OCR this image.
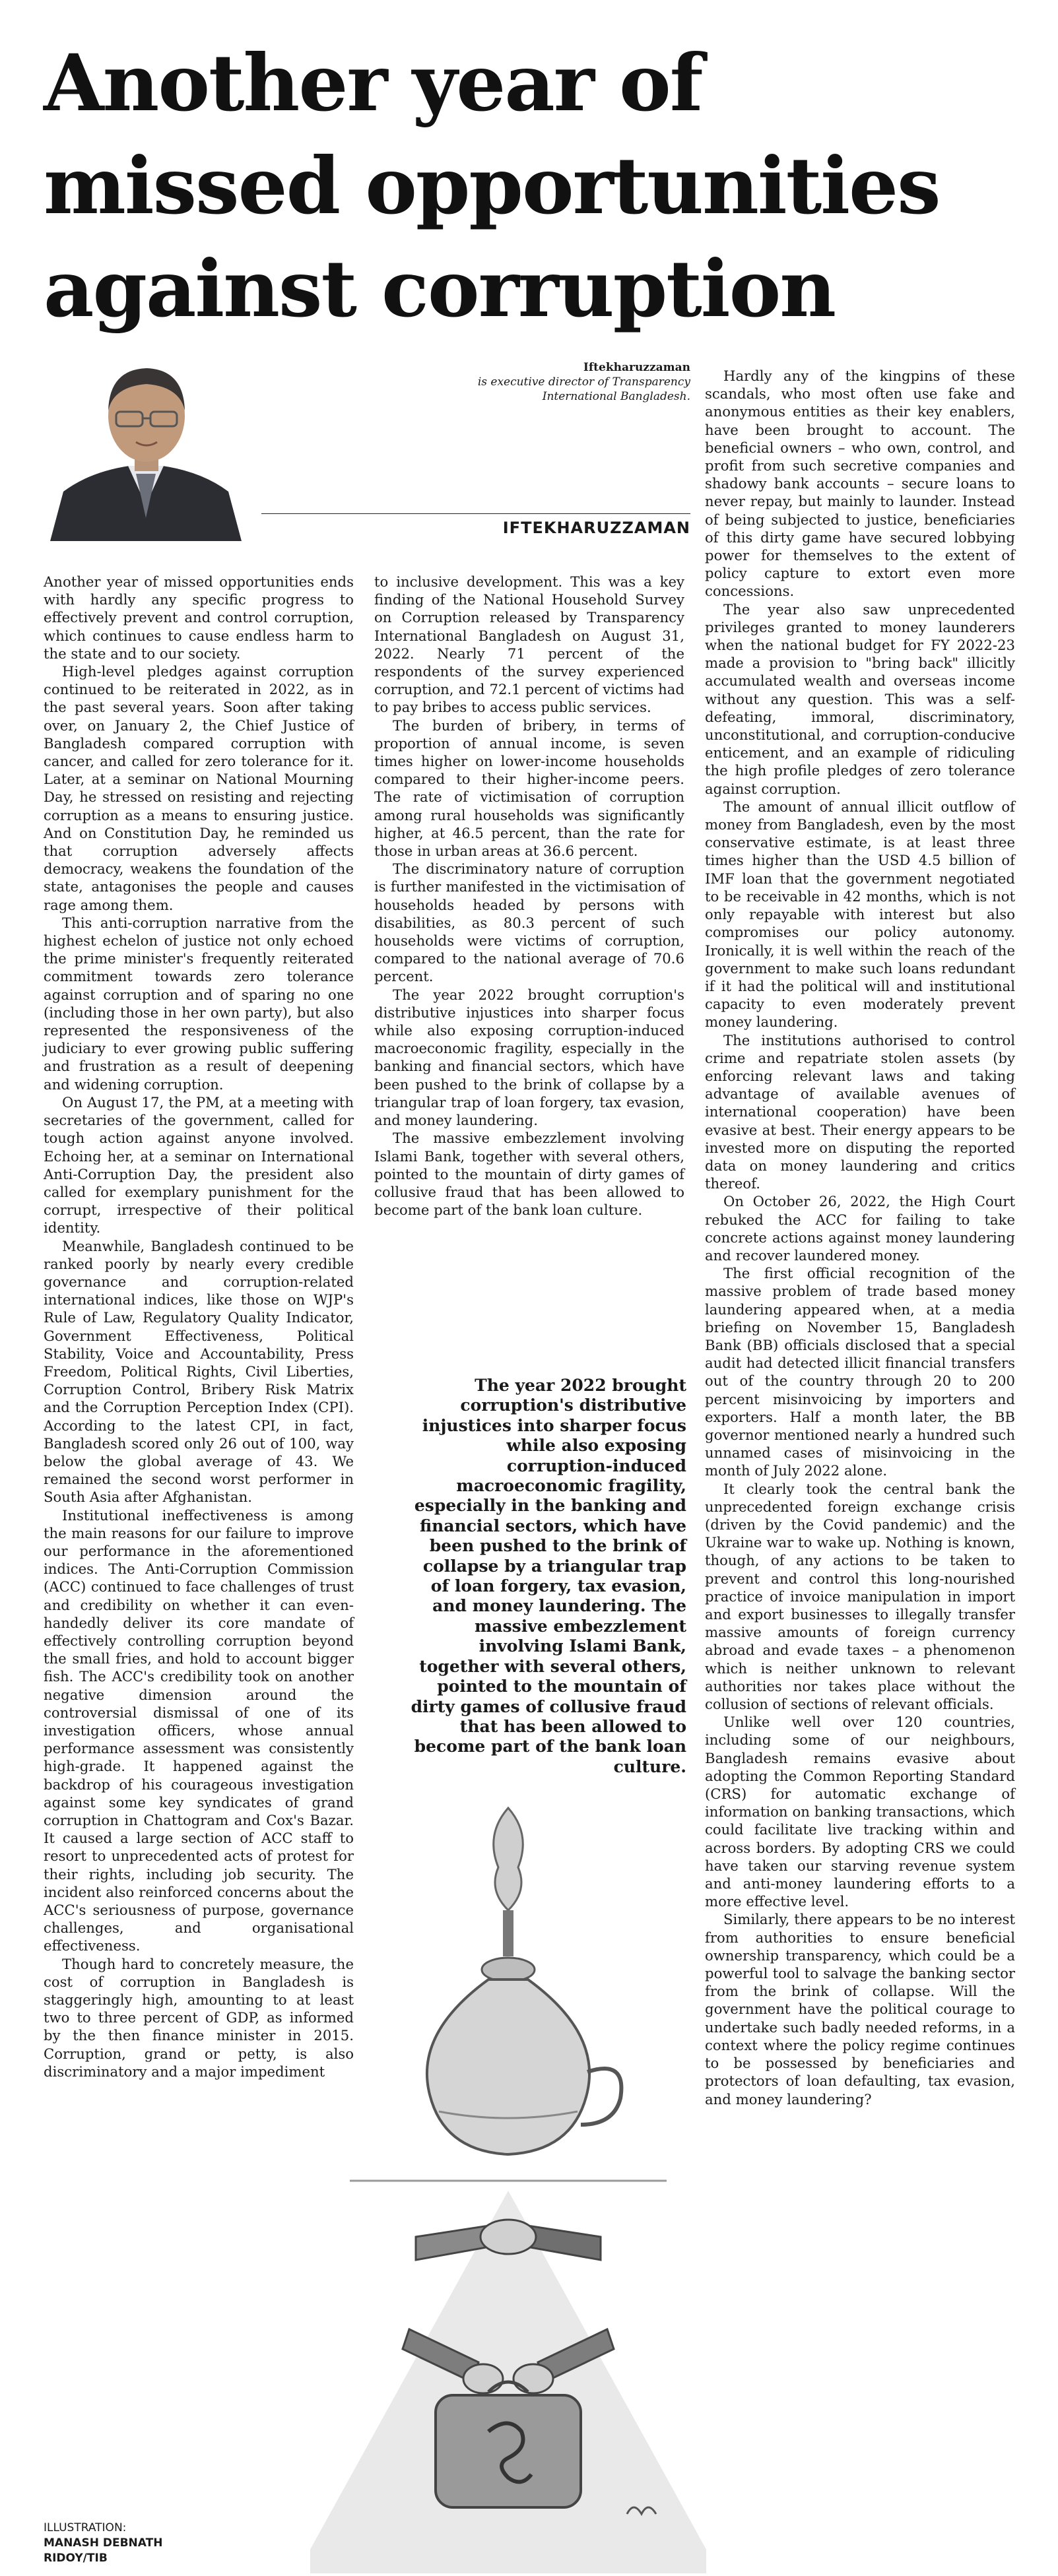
Another year of
missed opportunities
against corruption
Iftekharuzzaman
is executive director of Transparency International Bangladesh.
IFTEKHARUZZAMAN

Another year of missed opportunities ends with hardly any specific progress to effectively prevent and control corruption, which continues to cause endless harm to the state and to our society.

High-level pledges against corruption continued to be reiterated in 2022, as in the past several years. Soon after taking over, on January 2, the Chief Justice of Bangladesh compared corruption with cancer, and called for zero tolerance for it. Later, at a seminar on National Mourning Day, he stressed on resisting and rejecting corruption as a means to ensuring justice. And on Constitution Day, he reminded us that corruption adversely affects democracy, weakens the foundation of the state, antagonises the people and causes rage among them.

This anti-corruption narrative from the highest echelon of justice not only echoed the prime minister's frequently reiterated commitment towards zero tolerance against corruption and of sparing no one (including those in her own party), but also represented the responsiveness of the judiciary to ever growing public suffering and frustration as a result of deepening and widening corruption.

On August 17, the PM, at a meeting with secretaries of the government, called for tough action against anyone involved. Echoing her, at a seminar on International Anti-Corruption Day, the president also called for exemplary punishment for the corrupt, irrespective of their political identity.

Meanwhile, Bangladesh continued to be ranked poorly by nearly every credible governance and corruption-related international indices, like those on WJP's Rule of Law, Regulatory Quality Indicator, Government Effectiveness, Political Stability, Voice and Accountability, Press Freedom, Political Rights, Civil Liberties, Corruption Control, Bribery Risk Matrix and the Corruption Perception Index (CPI). According to the latest CPI, in fact, Bangladesh scored only 26 out of 100, way below the global average of 43. We remained the second worst performer in South Asia after Afghanistan.

Institutional ineffectiveness is among the main reasons for our failure to improve our performance in the aforementioned indices. The Anti-Corruption Commission (ACC) continued to face challenges of trust and credibility on whether it can even-handedly deliver its core mandate of effectively controlling corruption beyond the small fries, and hold to account bigger fish. The ACC's credibility took on another negative dimension around the controversial dismissal of one of its investigation officers, whose annual performance assessment was consistently high-grade. It happened against the backdrop of his courageous investigation against some key syndicates of grand corruption in Chattogram and Cox's Bazar. It caused a large section of ACC staff to resort to unprecedented acts of protest for their rights, including job security. The incident also reinforced concerns about the ACC's seriousness of purpose, governance challenges, and organisational effectiveness.

Though hard to concretely measure, the cost of corruption in Bangladesh is staggeringly high, amounting to at least two to three percent of GDP, as informed by the then finance minister in 2015. Corruption, grand or petty, is also discriminatory and a major impediment

to inclusive development. This was a key finding of the National Household Survey on Corruption released by Transparency International Bangladesh on August 31, 2022. Nearly 71 percent of the respondents of the survey experienced corruption, and 72.1 percent of victims had to pay bribes to access public services.

The burden of bribery, in terms of proportion of annual income, is seven times higher on lower-income households compared to their higher-income peers. The rate of victimisation of corruption among rural households was significantly higher, at 46.5 percent, than the rate for those in urban areas at 36.6 percent.

The discriminatory nature of corruption is further manifested in the victimisation of households headed by persons with disabilities, as 80.3 percent of such households were victims of corruption, compared to the national average of 70.6 percent.

The year 2022 brought corruption's distributive injustices into sharper focus while also exposing corruption-induced macroeconomic fragility, especially in the banking and financial sectors, which have been pushed to the brink of collapse by a triangular trap of loan forgery, tax evasion, and money laundering.

The massive embezzlement involving Islami Bank, together with several others, pointed to the mountain of dirty games of collusive fraud that has been allowed to become part of the bank loan culture.

The year 2022 brought corruption's distributive injustices into sharper focus while also exposing corruption-induced macroeconomic fragility, especially in the banking and financial sectors, which have been pushed to the brink of collapse by a triangular trap of loan forgery, tax evasion, and money laundering. The massive embezzlement involving Islami Bank, together with several others, pointed to the mountain of dirty games of collusive fraud that has been allowed to become part of the bank loan culture.

Hardly any of the kingpins of these scandals, who most often use fake and anonymous entities as their key enablers, have been brought to account. The beneficial owners – who own, control, and profit from such secretive companies and shadowy bank accounts – secure loans to never repay, but mainly to launder. Instead of being subjected to justice, beneficiaries of this dirty game have secured lobbying power for themselves to the extent of policy capture to extort even more concessions.

The year also saw unprecedented privileges granted to money launderers when the national budget for FY 2022-23 made a provision to "bring back" illicitly accumulated wealth and overseas income without any question. This was a self-defeating, immoral, discriminatory, unconstitutional, and corruption-conducive enticement, and an example of ridiculing the high profile pledges of zero tolerance against corruption.

The amount of annual illicit outflow of money from Bangladesh, even by the most conservative estimate, is at least three times higher than the USD 4.5 billion of IMF loan that the government negotiated to be receivable in 42 months, which is not only repayable with interest but also compromises our policy autonomy. Ironically, it is well within the reach of the government to make such loans redundant if it had the political will and institutional capacity to even moderately prevent money laundering.

The institutions authorised to control crime and repatriate stolen assets (by enforcing relevant laws and taking advantage of available avenues of international cooperation) have been evasive at best. Their energy appears to be invested more on disputing the reported data on money laundering and critics thereof.

On October 26, 2022, the High Court rebuked the ACC for failing to take concrete actions against money laundering and recover laundered money.

The first official recognition of the massive problem of trade based money laundering appeared when, at a media briefing on November 15, Bangladesh Bank (BB) officials disclosed that a special audit had detected illicit financial transfers out of the country through 20 to 200 percent misinvoicing by importers and exporters. Half a month later, the BB governor mentioned nearly a hundred such unnamed cases of misinvoicing in the month of July 2022 alone.

It clearly took the central bank the unprecedented foreign exchange crisis (driven by the Covid pandemic) and the Ukraine war to wake up. Nothing is known, though, of any actions to be taken to prevent and control this long-nourished practice of invoice manipulation in import and export businesses to illegally transfer massive amounts of foreign currency abroad and evade taxes – a phenomenon which is neither unknown to relevant authorities nor takes place without the collusion of sections of relevant officials.

Unlike well over 120 countries, including some of our neighbours, Bangladesh remains evasive about adopting the Common Reporting Standard (CRS) for automatic exchange of information on banking transactions, which could facilitate live tracking within and across borders. By adopting CRS we could have taken our starving revenue system and anti-money laundering efforts to a more effective level.

Similarly, there appears to be no interest from authorities to ensure beneficial ownership transparency, which could be a powerful tool to salvage the banking sector from the brink of collapse. Will the government have the political courage to undertake such badly needed reforms, in a context where the policy regime continues to be possessed by beneficiaries and protectors of loan defaulting, tax evasion, and money laundering?

ILLUSTRATION:
MANASH DEBNATH
RIDOY/TIB
